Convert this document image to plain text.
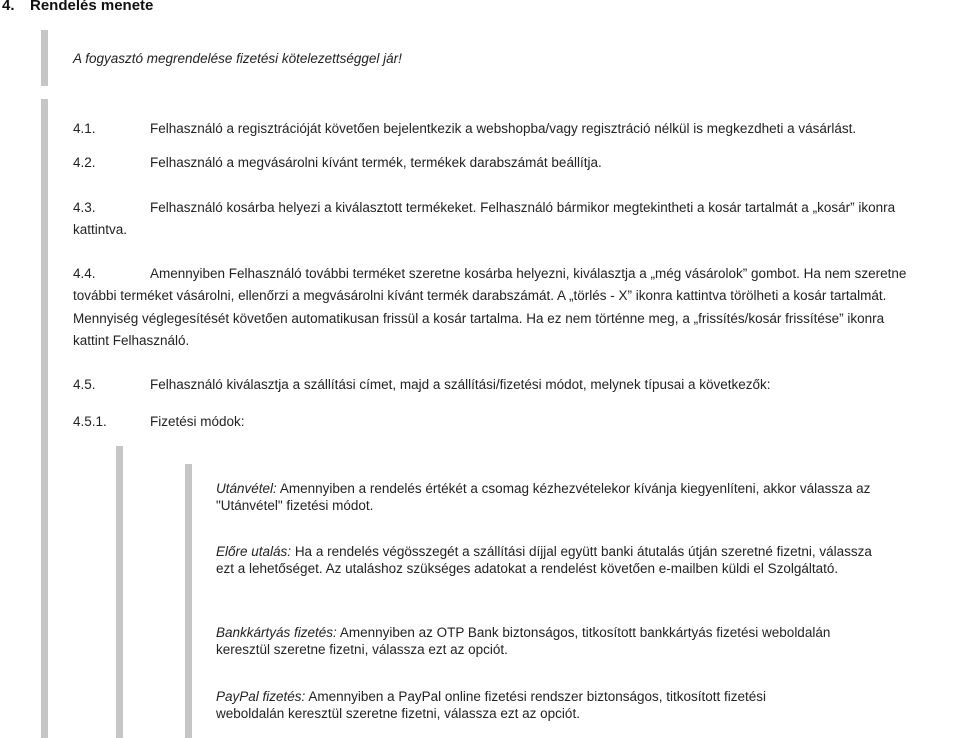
4. Rendelés menete
A fogyasztó megrendelése fizetési kötelezettséggel jár!
4.1.	Felhasználó a regisztrációját követően bejelentkezik a webshopba/vagy regisztráció nélkül is megkezdheti a vásárlást.
4.2.	Felhasználó a megvásárolni kívánt termék, termékek darabszámát beállítja.
4.3.	Felhasználó kosárba helyezi a kiválasztott termékeket. Felhasználó bármikor megtekintheti a kosár tartalmát a „kosár” ikonra
kattintva.
4.4.	Amennyiben Felhasználó további terméket szeretne kosárba helyezni, kiválasztja a „még vásárolok” gombot. Ha nem szeretne
további terméket vásárolni, ellenőrzi a megvásárolni kívánt termék darabszámát. A „törlés - X” ikonra kattintva törölheti a kosár tartalmát.
Mennyiség véglegesítését követően automatikusan frissül a kosár tartalma. Ha ez nem történne meg, a „frissítés/kosár frissítése” ikonra
kattint Felhasználó.
4.5.	Felhasználó kiválasztja a szállítási címet, majd a szállítási/fizetési módot, melynek típusai a következők:
4.5.1.	Fizetési módok:
Utánvétel: Amennyiben a rendelés értékét a csomag kézhezvételekor kívánja kiegyenlíteni, akkor válassza az "Utánvétel" fizetési módot.
Előre utalás: Ha a rendelés végösszegét a szállítási díjjal együtt banki átutalás útján szeretné fizetni, válassza ezt a lehetőséget. Az utaláshoz szükséges adatokat a rendelést követően e-mailben küldi el Szolgáltató.
Bankkártyás fizetés: Amennyiben az OTP Bank biztonságos, titkosított bankkártyás fizetési weboldalán keresztül szeretne fizetni, válassza ezt az opciót.
PayPal fizetés: Amennyiben a PayPal online fizetési rendszer biztonságos, titkosított fizetési weboldalán keresztül szeretne fizetni, válassza ezt az opciót.
